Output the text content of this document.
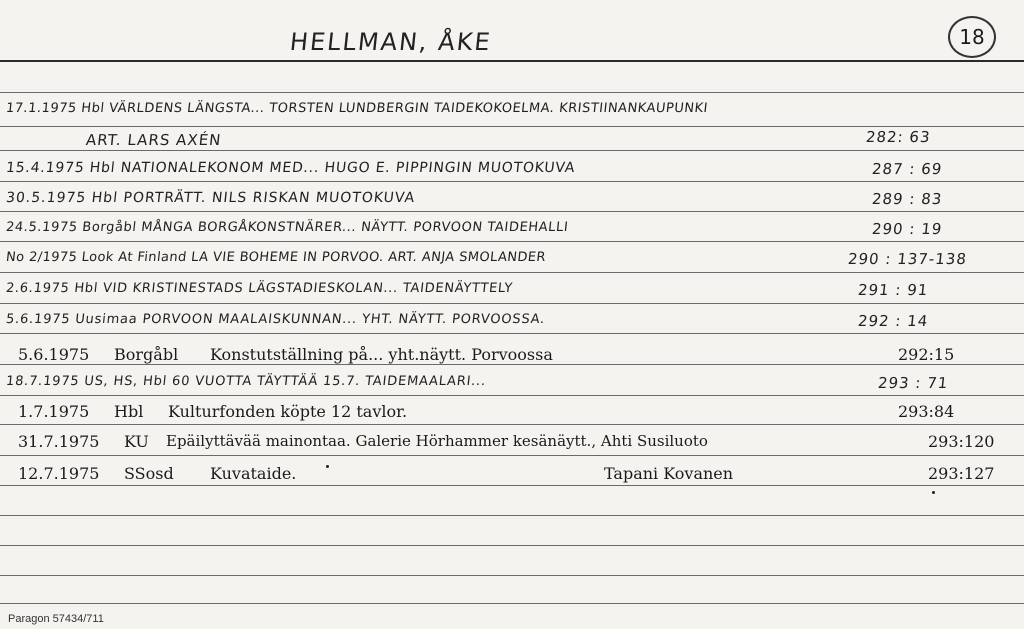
HELLMAN, ÅKE	18
17.1.1975 Hbl VÄRLDENS LÄNGSTA... TORSTEN LUNDBERGIN TAIDEKOKOELMA. KRISTIINANKAUPUNKI
ART. LARS AXÉN	282: 63
15.4.1975 Hbl NATIONALEKONOM MED... HUGO E. PIPPINGIN MUOTOKUVA	287 : 69
30.5.1975 Hbl PORTRÄTT. NILS RISKAN MUOTOKUVA	289 : 83
24.5.1975 Borgåbl MÅNGA BORGÅKONSTNÄRER... NÄYTT. PORVOON TAIDEHALLI	290 : 19
No 2/1975 Look At Finland LA VIE BOHEME IN PORVOO. ART. ANJA SMOLANDER	290 : 137-138
2.6.1975 Hbl VID KRISTINESTADS LÄGSTADIESKOLAN... TAIDENÄYTTELY	291 : 91
5.6.1975 Uusimaa PORVOON MAALAISKUNNAN... YHT. NÄYTT. PORVOOSSA.	292 : 14
5.6.1975 Borgåbl Konstutställning på... yht.näytt. Porvoossa	292:15
18.7.1975 US, HS, Hbl 60 VUOTTA TÄYTTÄÄ 15.7. TAIDEMAALARI...	293 : 71
1.7.1975 Hbl Kulturfonden köpte 12 tavlor.	293:84
31.7.1975 KU Epäilyttävää mainontaa. Galerie Hörhammer kesänäytt., Ahti Susiluoto	293:120
12.7.1975 SSosd Kuvataide.	Tapani Kovanen	293:127
Paragon 57434/711
